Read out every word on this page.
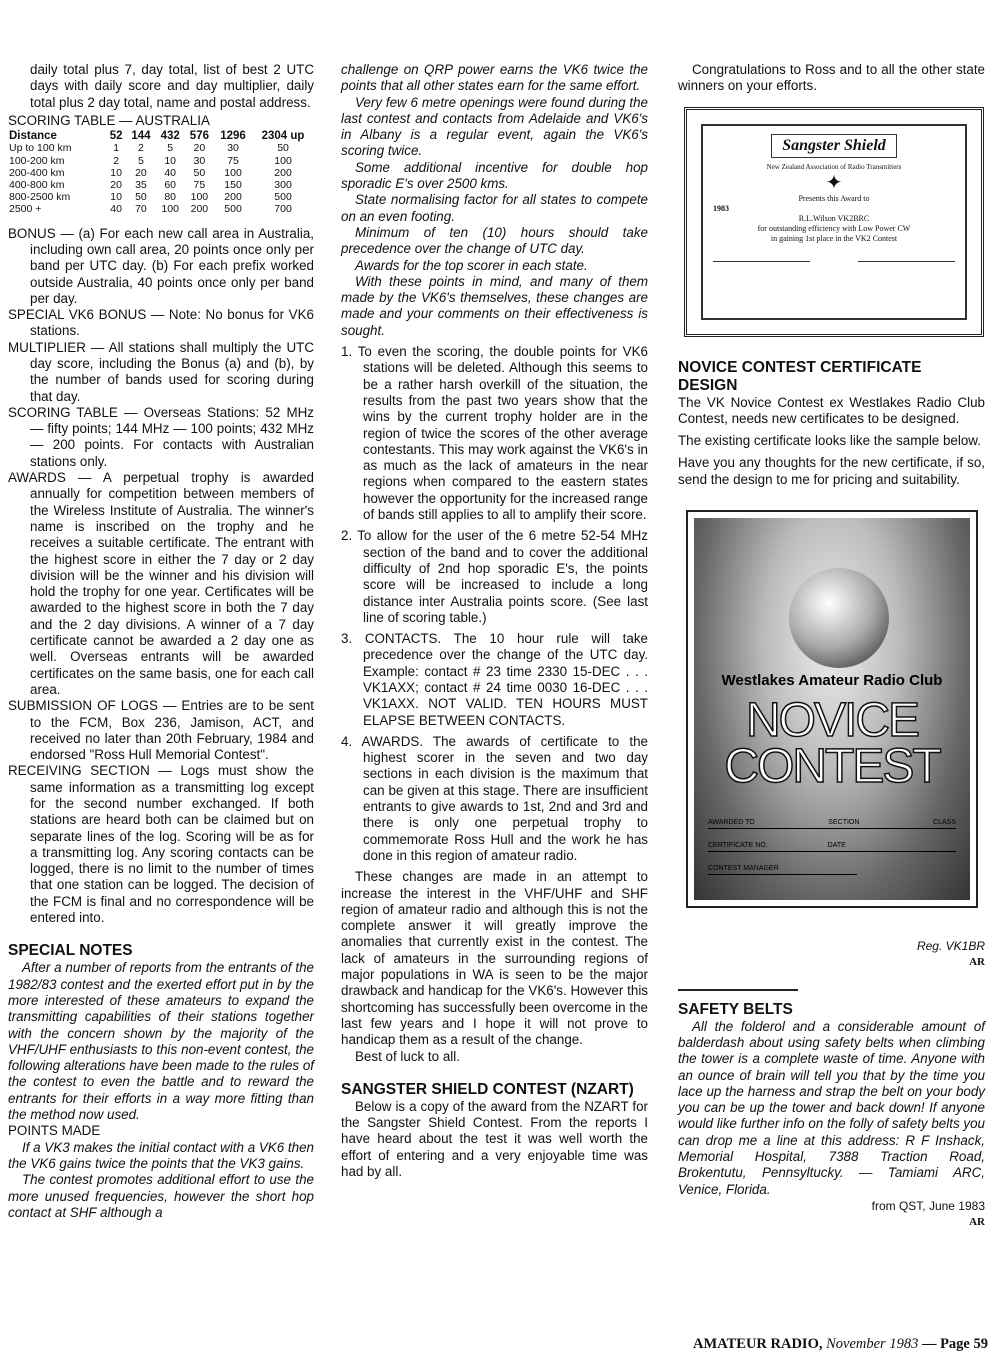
daily total plus 7, day total, list of best 2 UTC days with daily score and day multiplier, daily total plus 2 day total, name and postal address.

SCORING TABLE — AUSTRALIA
Distance	52	144	432	576	1296	2304 up
Up to 100 km	1	2	5	20	30	50
100-200 km	2	5	10	30	75	100
200-400 km	10	20	40	50	100	200
400-800 km	20	35	60	75	150	300
800-2500 km	10	50	80	100	200	500
2500 +	40	70	100	200	500	700

BONUS — (a) For each new call area in Australia, including own call area, 20 points once only per band per UTC day. (b) For each prefix worked outside Australia, 40 points once only per band per day.

SPECIAL VK6 BONUS — Note: No bonus for VK6 stations.

MULTIPLIER — All stations shall multiply the UTC day score, including the Bonus (a) and (b), by the number of bands used for scoring during that day.

SCORING TABLE — Overseas Stations: 52 MHz — fifty points; 144 MHz — 100 points; 432 MHz — 200 points. For contacts with Australian stations only.

AWARDS — A perpetual trophy is awarded annually for competition between members of the Wireless Institute of Australia. The winner's name is inscribed on the trophy and he receives a suitable certificate. The entrant with the highest score in either the 7 day or 2 day division will be the winner and his division will hold the trophy for one year. Certificates will be awarded to the highest score in both the 7 day and the 2 day divisions. A winner of a 7 day certificate cannot be awarded a 2 day one as well. Overseas entrants will be awarded certificates on the same basis, one for each call area.

SUBMISSION OF LOGS — Entries are to be sent to the FCM, Box 236, Jamison, ACT, and received no later than 20th February, 1984 and endorsed "Ross Hull Memorial Contest".

RECEIVING SECTION — Logs must show the same information as a transmitting log except for the second number exchanged. If both stations are heard both can be claimed but on separate lines of the log. Scoring will be as for a transmitting log. Any scoring contacts can be logged, there is no limit to the number of times that one station can be logged. The decision of the FCM is final and no correspondence will be entered into.

SPECIAL NOTES

After a number of reports from the entrants of the 1982/83 contest and the exerted effort put in by the more interested of these amateurs to expand the transmitting capabilities of their stations together with the concern shown by the majority of the VHF/UHF enthusiasts to this non-event contest, the following alterations have been made to the rules of the contest to even the battle and to reward the entrants for their efforts in a way more fitting than the method now used.

POINTS MADE

If a VK3 makes the initial contact with a VK6 then the VK6 gains twice the points that the VK3 gains.

The contest promotes additional effort to use the more unused frequencies, however the short hop contact at SHF although a

challenge on QRP power earns the VK6 twice the points that all other states earn for the same effort.

Very few 6 metre openings were found during the last contest and contacts from Adelaide and VK6's in Albany is a regular event, again the VK6's scoring twice.

Some additional incentive for double hop sporadic E's over 2500 kms.

State normalising factor for all states to compete on an even footing.

Minimum of ten (10) hours should take precedence over the change of UTC day.

Awards for the top scorer in each state.

With these points in mind, and many of them made by the VK6's themselves, these changes are made and your comments on their effectiveness is sought.

1. To even the scoring, the double points for VK6 stations will be deleted. Although this seems to be a rather harsh overkill of the situation, the results from the past two years show that the wins by the current trophy holder are in the region of twice the scores of the other average contestants. This may work against the VK6's in as much as the lack of amateurs in the near regions when compared to the eastern states however the opportunity for the increased range of bands still applies to all to amplify their score.
2. To allow for the user of the 6 metre 52-54 MHz section of the band and to cover the additional difficulty of 2nd hop sporadic E's, the points score will be increased to include a long distance inter Australia points score. (See last line of scoring table.)
3. CONTACTS. The 10 hour rule will take precedence over the change of the UTC day. Example: contact # 23 time 2330 15-DEC . . . VK1AXX; contact # 24 time 0030 16-DEC . . . VK1AXX. NOT VALID. TEN HOURS MUST ELAPSE BETWEEN CONTACTS.
4. AWARDS. The awards of certificate to the highest scorer in the seven and two day sections in each division is the maximum that can be given at this stage. There are insufficient entrants to give awards to 1st, 2nd and 3rd and there is only one perpetual trophy to commemorate Ross Hull and the work he has done in this region of amateur radio.

These changes are made in an attempt to increase the interest in the VHF/UHF and SHF region of amateur radio and although this is not the complete answer it will greatly improve the anomalies that currently exist in the contest. The lack of amateurs in the surrounding regions of major populations in WA is seen to be the major drawback and handicap for the VK6's. However this shortcoming has successfully been overcome in the last few years and I hope it will not prove to handicap them as a result of the change.

Best of luck to all.

SANGSTER SHIELD CONTEST (NZART)

Below is a copy of the award from the NZART for the Sangster Shield Contest. From the reports I have heard about the test it was well worth the effort of entering and a very enjoyable time was had by all.

Congratulations to Ross and to all the other state winners on your efforts.

Sangster Shield
New Zealand Association of Radio Transmitters
✦
Presents this Award to
1983
R.L.Wilson VK2BRC
for outstanding efficiency with Low Power CW
in gaining 1st place in the VK2 Contest
NOVICE CONTEST CERTIFICATE DESIGN

The VK Novice Contest ex Westlakes Radio Club Contest, needs new certificates to be designed.

The existing certificate looks like the sample below.

Have you any thoughts for the new certificate, if so, send the design to me for pricing and suitability.

Westlakes Amateur Radio Club
NOVICE
CONTEST
AWARDED TO	SECTION	CLASS
CERTIFICATE NO.	DATE
CONTEST MANAGER

Reg. VK1BR

AR
SAFETY BELTS

All the folderol and a considerable amount of balderdash about using safety belts when climbing the tower is a complete waste of time. Anyone with an ounce of brain will tell you that by the time you lace up the harness and strap the belt on your body you can be up the tower and back down! If anyone would like further info on the folly of safety belts you can drop me a line at this address: R F Inshack, Memorial Hospital, 7388 Traction Road, Brokentutu, Pennsyltucky. — Tamiami ARC, Venice, Florida.

from QST, June 1983

AR
AMATEUR RADIO, November 1983 — Page 59
